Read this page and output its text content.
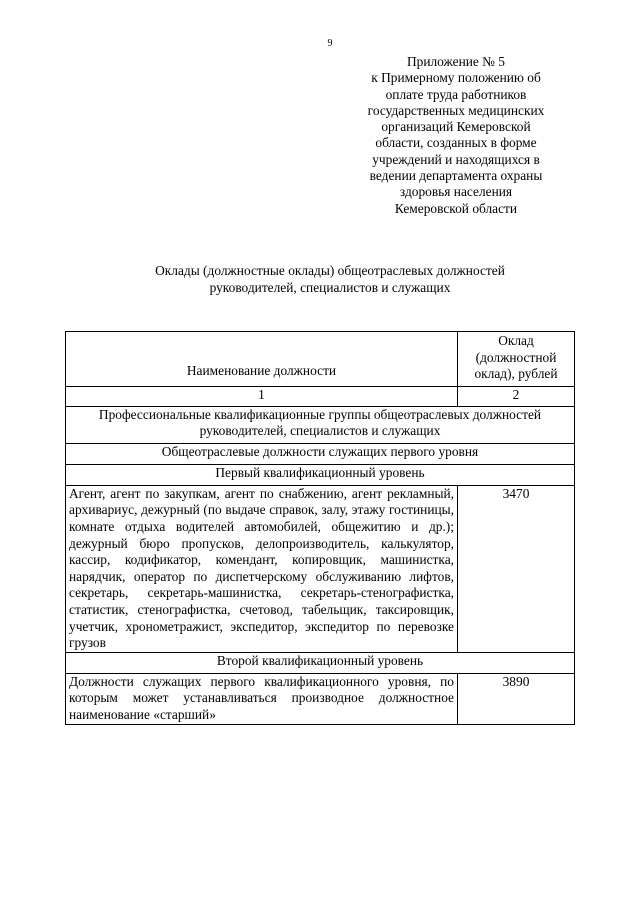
9
Приложение № 5
к Примерному положению об
оплате труда работников
государственных медицинских
организаций Кемеровской
области, созданных в форме
учреждений и находящихся в
ведении департамента охраны
здоровья населения
Кемеровской области
Оклады (должностные оклады) общеотраслевых должностей
руководителей, специалистов и служащих
Наименование должности	Оклад (должностной оклад), рублей
1	2
Профессиональные квалификационные группы общеотраслевых должностей руководителей, специалистов и служащих	
Общеотраслевые должности служащих первого уровня	
Первый квалификационный уровень	
Агент, агент по закупкам, агент по снабжению, агент рекламный, архивариус, дежурный (по выдаче справок, залу, этажу гостиницы, комнате отдыха водителей автомобилей, общежитию и др.); дежурный бюро пропусков, делопроизводитель, калькулятор, кассир, кодификатор, комендант, копировщик, машинистка, нарядчик, оператор по диспетчерскому обслуживанию лифтов, секретарь, секретарь-машинистка, секретарь-стенографистка, статистик, стенографистка, счетовод, табельщик, таксировщик, учетчик, хронометражист, экспедитор, экспедитор по перевозке грузов	3470
Второй квалификационный уровень	
Должности служащих первого квалификационного уровня, по которым может устанавливаться производное должностное наименование «старший»	3890
